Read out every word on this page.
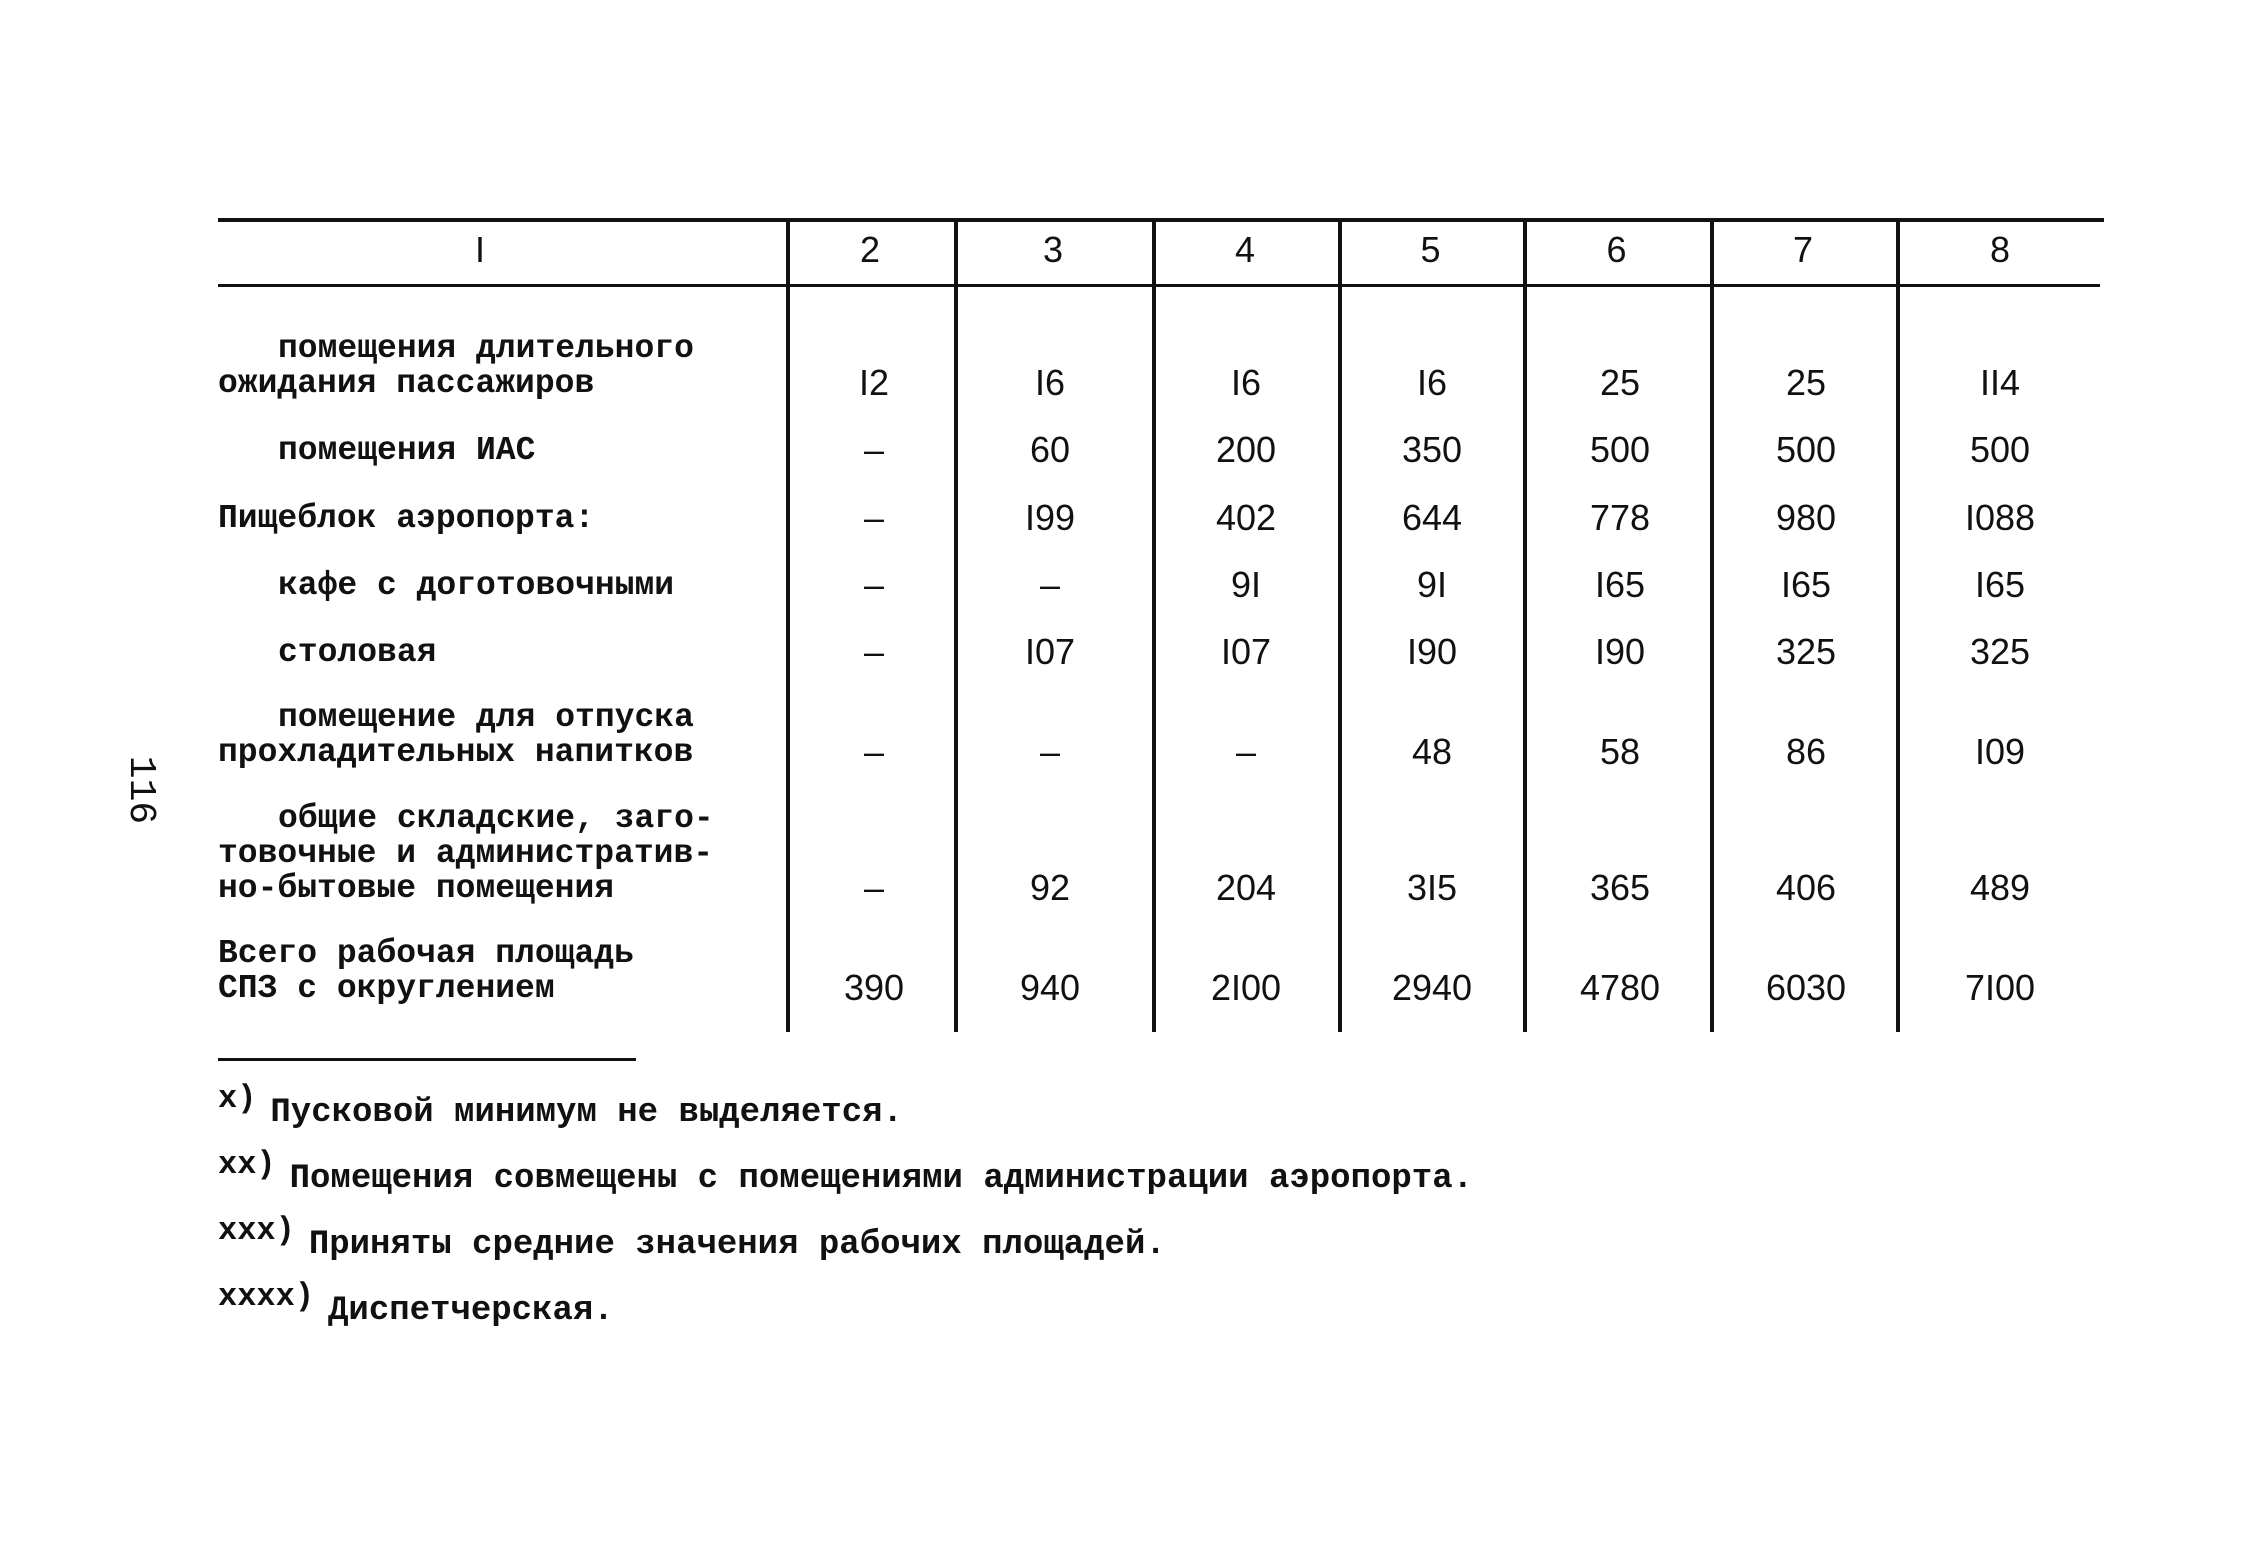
116
I	2	3	4	5	6	7	8
помещения длительного
ожидания пассажиров	I2	I6	I6	I6	25	25	II4
помещения ИАС	–	60	200	350	500	500	500
Пищеблок аэропорта:	–	I99	402	644	778	980	I088
кафе с доготовочными	–	–	9I	9I	I65	I65	I65
столовая	–	I07	I07	I90	I90	325	325
помещение для отпуска
прохладительных напитков	–	–	–	48	58	86	I09
общие складские, заго-
товочные и административ-
но-бытовые помещения	–	92	204	3I5	365	406	489
Всего рабочая площадь
СПЗ с округлением	390	940	2I00	2940	4780	6030	7I00
$^{x)}$ Пусковой минимум не выделяется.
$^{xx)}$ Помещения совмещены с помещениями администрации аэропорта.
$^{xxx)}$ Приняты средние значения рабочих площадей.
$^{xxxx)}$ Диспетчерская.
